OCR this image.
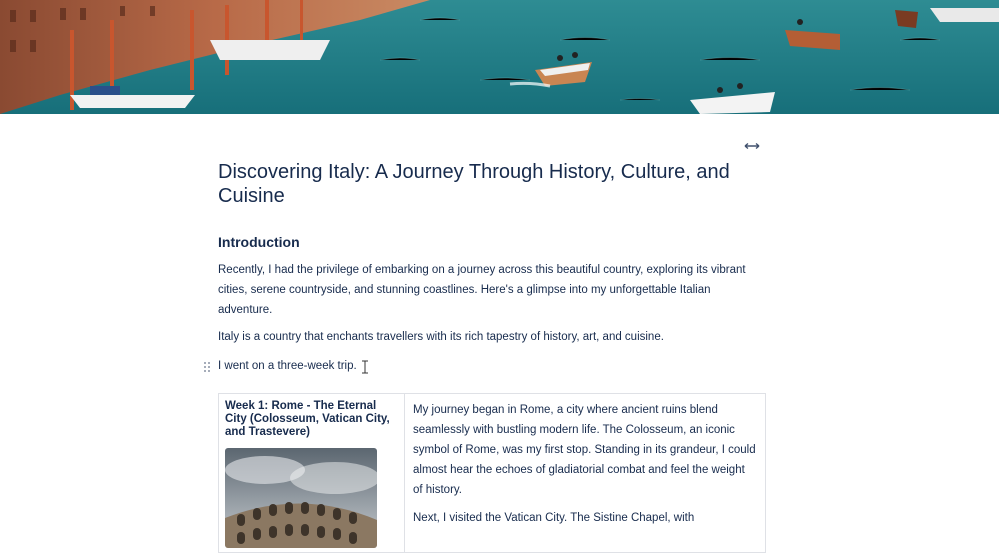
Discovering Italy: A Journey Through History, Culture, and Cuisine
Introduction

Recently, I had the privilege of embarking on a journey across this beautiful country, exploring its vibrant cities, serene countryside, and stunning coastlines. Here's a glimpse into my unforgettable Italian adventure.

Italy is a country that enchants travellers with its rich tapestry of history, art, and cuisine.

I went on a three-week trip.

Week 1: Rome - The Eternal City (Colosseum, Vatican City, and Trastevere)

My journey began in Rome, a city where ancient ruins blend seamlessly with bustling modern life. The Colosseum, an iconic symbol of Rome, was my first stop. Standing in its grandeur, I could almost hear the echoes of gladiatorial combat and feel the weight of history.

Next, I visited the Vatican City. The Sistine Chapel, with
